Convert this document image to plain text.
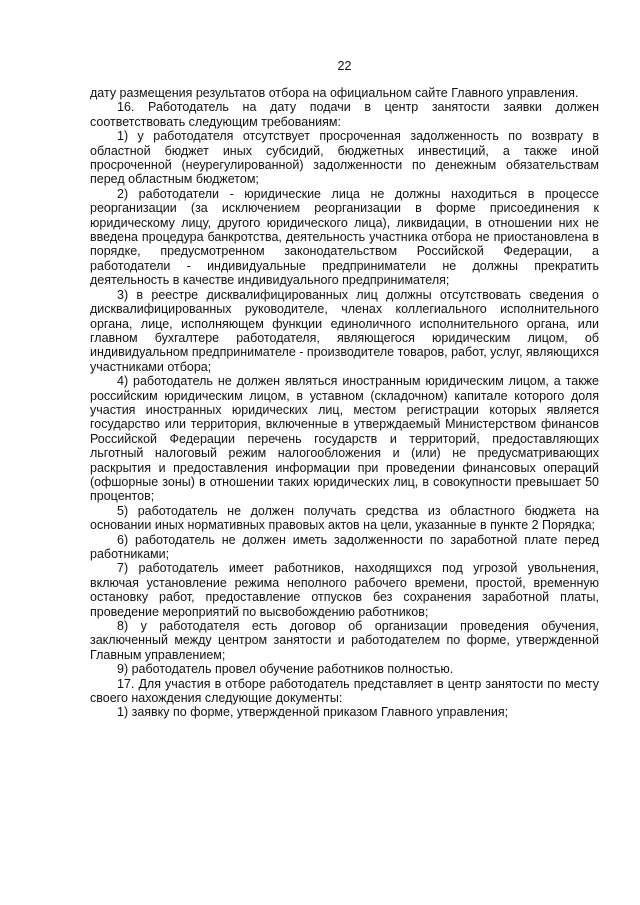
22

дату размещения результатов отбора на официальном сайте Главного управления.

16. Работодатель на дату подачи в центр занятости заявки должен соответствовать следующим требованиям:

1) у работодателя отсутствует просроченная задолженность по возврату в областной бюджет иных субсидий, бюджетных инвестиций, а также иной просроченной (неурегулированной) задолженности по денежным обязательствам перед областным бюджетом;

2) работодатели - юридические лица не должны находиться в процессе реорганизации (за исключением реорганизации в форме присоединения к юридическому лицу, другого юридического лица), ликвидации, в отношении них не введена процедура банкротства, деятельность участника отбора не приостановлена в порядке, предусмотренном законодательством Российской Федерации, а работодатели - индивидуальные предприниматели не должны прекратить деятельность в качестве индивидуального предпринимателя;

3) в реестре дисквалифицированных лиц должны отсутствовать сведения о дисквалифицированных руководителе, членах коллегиального исполнительного органа, лице, исполняющем функции единоличного исполнительного органа, или главном бухгалтере работодателя, являющегося юридическим лицом, об индивидуальном предпринимателе - производителе товаров, работ, услуг, являющихся участниками отбора;

4) работодатель не должен являться иностранным юридическим лицом, а также российским юридическим лицом, в уставном (складочном) капитале которого доля участия иностранных юридических лиц, местом регистрации которых является государство или территория, включенные в утверждаемый Министерством финансов Российской Федерации перечень государств и территорий, предоставляющих льготный налоговый режим налогообложения и (или) не предусматривающих раскрытия и предоставления информации при проведении финансовых операций (офшорные зоны) в отношении таких юридических лиц, в совокупности превышает 50 процентов;

5) работодатель не должен получать средства из областного бюджета на основании иных нормативных правовых актов на цели, указанные в пункте 2 Порядка;

6) работодатель не должен иметь задолженности по заработной плате перед работниками;

7) работодатель имеет работников, находящихся под угрозой увольнения, включая установление режима неполного рабочего времени, простой, временную остановку работ, предоставление отпусков без сохранения заработной платы, проведение мероприятий по высвобождению работников;

8) у работодателя есть договор об организации проведения обучения, заключенный между центром занятости и работодателем по форме, утвержденной Главным управлением;

9) работодатель провел обучение работников полностью.

17. Для участия в отборе работодатель представляет в центр занятости по месту своего нахождения следующие документы:

1) заявку по форме, утвержденной приказом Главного управления;
